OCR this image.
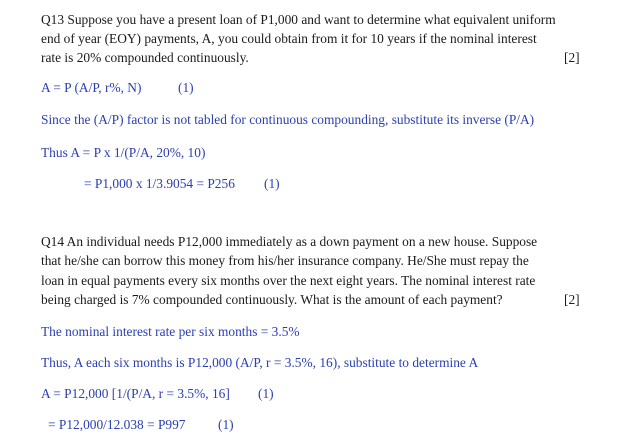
Q13 Suppose you have a present loan of P1,000 and want to determine what equivalent uniform
end of year (EOY) payments, A, you could obtain from it for 10 years if the nominal interest
rate is 20% compounded continuously.	[2]
A = P (A/P, r%, N)	(1)
Since the (A/P) factor is not tabled for continuous compounding, substitute its inverse (P/A)
Thus A = P x 1/(P/A, 20%, 10)
= P1,000 x 1/3.9054 = P256 (1)
Q14 An individual needs P12,000 immediately as a down payment on a new house. Suppose
that he/she can borrow this money from his/her insurance company. He/She must repay the
loan in equal payments every six months over the next eight years. The nominal interest rate
being charged is 7% compounded continuously. What is the amount of each payment?	[2]
The nominal interest rate per six months = 3.5%
Thus, A each six months is P12,000 (A/P, r = 3.5%, 16), substitute to determine A
A = P12,000 [1/(P/A, r = 3.5%, 16] (1)
= P12,000/12.038 = P997 (1)
